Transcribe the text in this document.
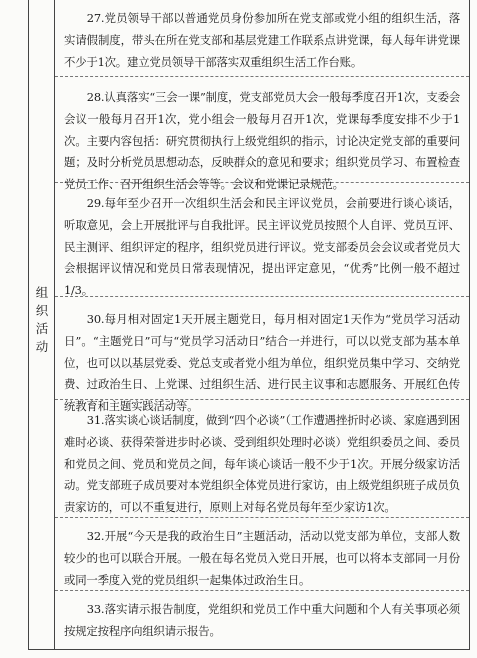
组
织
活
动

27.党员领导干部以普通党员身份参加所在党支部或党小组的组织生活，落实请假制度，带头在所在党支部和基层党建工作联系点讲党课，每人每年讲党课不少于1次。建立党员领导干部落实双重组织生活工作台账。

28.认真落实“三会一课”制度，党支部党员大会一般每季度召开1次，支委会会议一般每月召开1次，党小组会一般每月召开1次，党课每季度安排不少于1次。主要内容包括：研究贯彻执行上级党组织的指示，讨论决定党支部的重要问题；及时分析党员思想动态，反映群众的意见和要求；组织党员学习、布置检查党员工作、召开组织生活会等等。会议和党课记录规范。

29.每年至少召开一次组织生活会和民主评议党员，会前要进行谈心谈话，听取意见，会上开展批评与自我批评。民主评议党员按照个人自评、党员互评、民主测评、组织评定的程序，组织党员进行评议。党支部委员会会议或者党员大会根据评议情况和党员日常表现情况，提出评定意见，“优秀”比例一般不超过1/3。

30.每月相对固定1天开展主题党日，每月相对固定1天作为“党员学习活动日”。“主题党日”可与“党员学习活动日”结合一并进行，可以以党支部为基本单位，也可以以基层党委、党总支或者党小组为单位，组织党员集中学习、交纳党费、过政治生日、上党课、过组织生活、进行民主议事和志愿服务、开展红色传统教育和主题实践活动等。

31.落实谈心谈话制度，做到“四个必谈”（工作遭遇挫折时必谈、家庭遇到困难时必谈、获得荣誉进步时必谈、受到组织处理时必谈）党组织委员之间、委员和党员之间、党员和党员之间，每年谈心谈话一般不少于1次。开展分级家访活动。党支部班子成员要对本党组织全体党员进行家访，由上级党组织班子成员负责家访的，可以不重复进行，原则上对每名党员每年至少家访1次。

32.开展“今天是我的政治生日”主题活动，活动以党支部为单位，支部人数较少的也可以联合开展。一般在每名党员入党日开展，也可以将本支部同一月份或同一季度入党的党员组织一起集体过政治生日。

33.落实请示报告制度，党组织和党员工作中重大问题和个人有关事项必须按规定按程序向组织请示报告。
